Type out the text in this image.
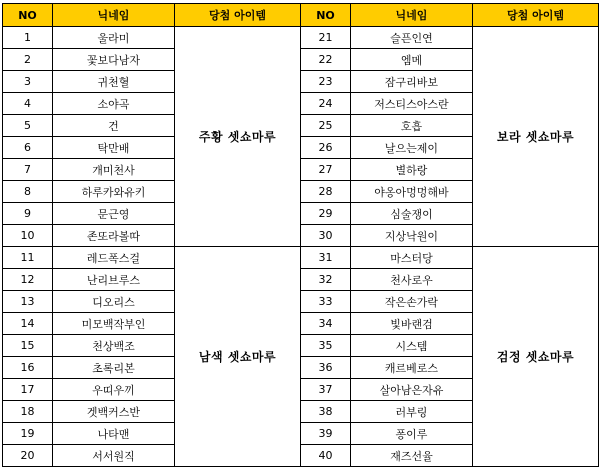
NO	닉네임	당첨 아이템	NO	닉네임	당첨 아이템
1	울라미	주황 셋쇼마루	21	슬픈인연	보라 셋쇼마루
2	꽃보다남자		22	엠메	
3	귀천혈		23	잠구리바보	
4	소야곡		24	저스티스아스란	
5	건		25	호흡	
6	탁만배		26	날으는제이	
7	개미천사		27	별하랑	
8	하루카와유키		28	야옹아멍멍해바	
9	문근영		29	심술쟁이	
10	존또라볼따		30	지상낙원이	
11	레드폭스걸	남색 셋쇼마루	31	마스터당	검정 셋쇼마루
12	난리브루스		32	천사로우	
13	디오리스		33	작은손가락	
14	미모백작부인		34	빛바랜검	
15	천상백조		35	시스템	
16	초록리본		36	캐르베로스	
17	우띠우끼		37	살아남은자유	
18	겟백커스반		38	러부링	
19	나타맨		39	퐁이루	
20	서서원직		40	재즈선율	
